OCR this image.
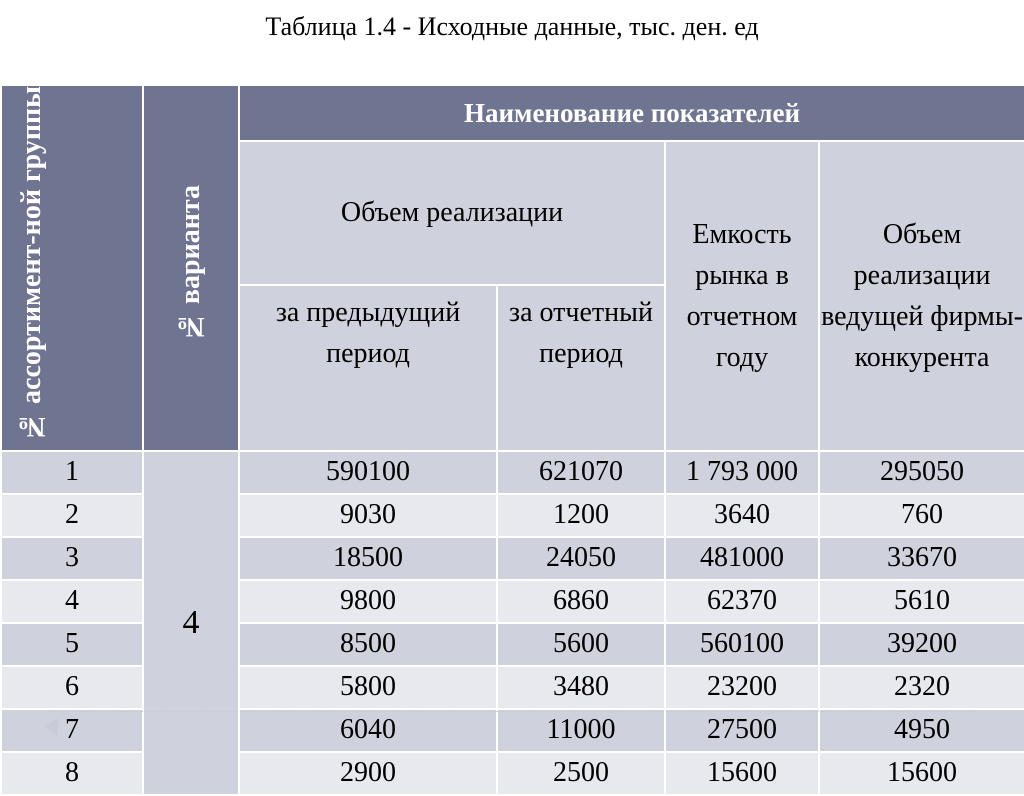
Таблица 1.4 - Исходные данные, тыс. ден. ед
№ ассортимент-ной группы	№ варианта	Наименование показателей			
		Объем реализации		Емкость рынка в отчетном году	Объем реализации ведущей фирмы-конкурента
		за предыдущий период	за отчетный период		
1	4	590100	621070	1 793 000	295050
2		9030	1200	3640	760
3		18500	24050	481000	33670
4		9800	6860	62370	5610
5		8500	5600	560100	39200
6		5800	3480	23200	2320
7		6040	11000	27500	4950
8		2900	2500	15600	15600
